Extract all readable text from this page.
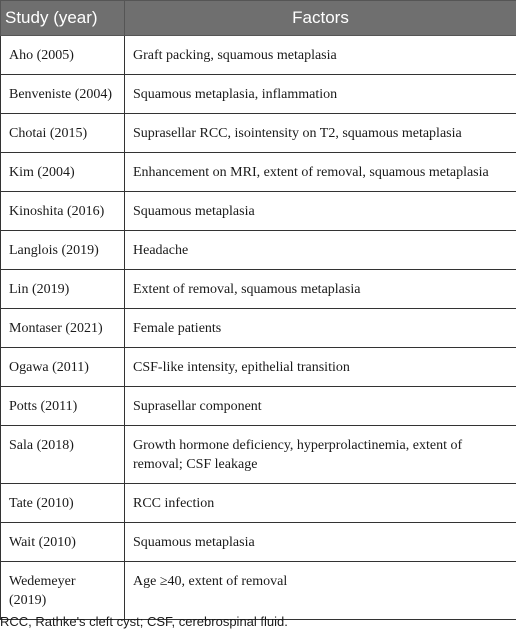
Study (year)	Factors
Aho (2005)	Graft packing, squamous metaplasia
Benveniste (2004)	Squamous metaplasia, inflammation
Chotai (2015)	Suprasellar RCC, isointensity on T2, squamous metaplasia
Kim (2004)	Enhancement on MRI, extent of removal, squamous metaplasia
Kinoshita (2016)	Squamous metaplasia
Langlois (2019)	Headache
Lin (2019)	Extent of removal, squamous metaplasia
Montaser (2021)	Female patients
Ogawa (2011)	CSF-like intensity, epithelial transition
Potts (2011)	Suprasellar component
Sala (2018)	Growth hormone deficiency, hyperprolactinemia, extent of removal; CSF leakage
Tate (2010)	RCC infection
Wait (2010)	Squamous metaplasia
Wedemeyer (2019)	Age ≥40, extent of removal
RCC, Rathke's cleft cyst; CSF, cerebrospinal fluid.
